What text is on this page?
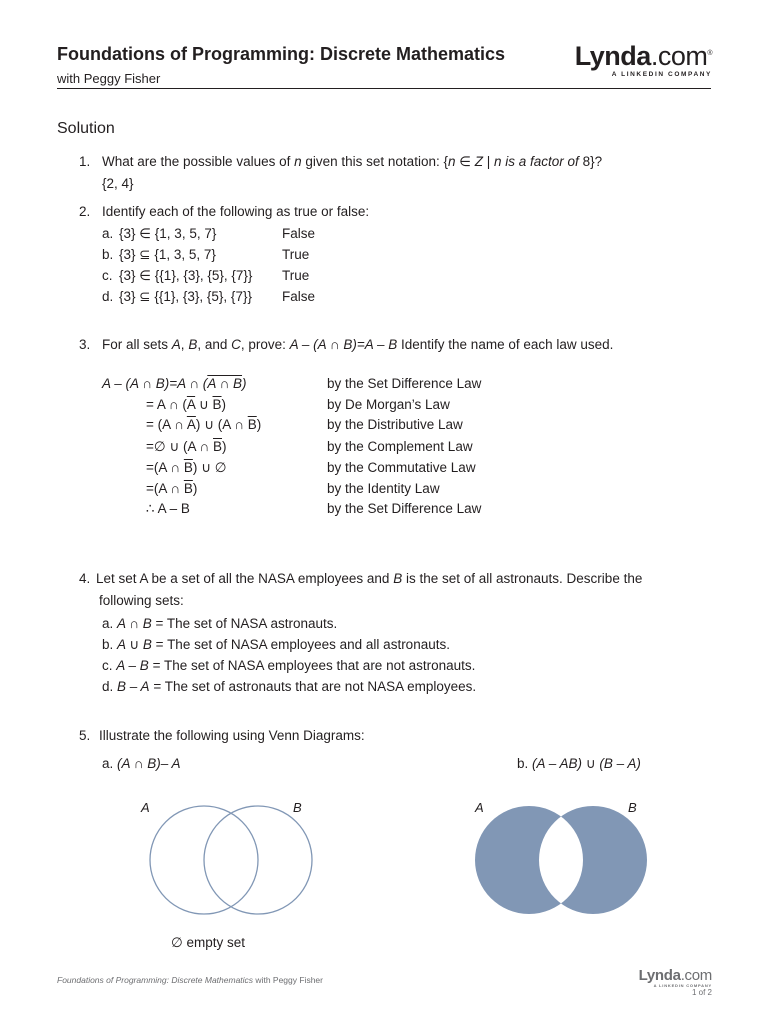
Foundations of Programming: Discrete Mathematics
with Peggy Fisher
Lynda.com®
A LINKEDIN COMPANY
Solution
1. What are the possible values of n given this set notation: {n ∈ Z | n is a factor of 8}?
{2, 4}
2. Identify each of the following as true or false:
a. {3} ∈ {1, 3, 5, 7}	False
b. {3} ⊆ {1, 3, 5, 7}	True
c. {3} ∈ {{1}, {3}, {5}, {7}} True
d. {3} ⊆ {{1}, {3}, {5}, {7}} False
3. For all sets A, B, and C, prove: A – (A ∩ B)=A – B Identify the name of each law used.
A – (A ∩ B)=A ∩ (A ∩ B)	by the Set Difference Law
= A ∩ ($\overline{A}$ ∪ $\overline{B}$)	by De Morgan’s Law
= (A ∩ $\overline{A}$) ∪ (A ∩ $\overline{B}$)	by the Distributive Law
=∅ ∪ (A ∩ $\overline{B}$)	by the Complement Law
=(A ∩ $\overline{B}$) ∪ ∅	by the Commutative Law
=(A ∩ $\overline{B}$)	by the Identity Law
∴ A – B	by the Set Difference Law
4. Let set A be a set of all the NASA employees and B is the set of all astronauts. Describe the
following sets:
a. A ∩ B = The set of NASA astronauts.
b. A ∪ B = The set of NASA employees and all astronauts.
c. A – B = The set of NASA employees that are not astronauts.
d. B – A = The set of astronauts that are not NASA employees.
5. Illustrate the following using Venn Diagrams:
a. (A ∩ B)– A	b. (A – AB) ∪ (B – A)
A	B
∅ empty set
A	B
Foundations of Programming: Discrete Mathematics with Peggy Fisher	Lynda.com
A LINKEDIN COMPANY
1 of 2
